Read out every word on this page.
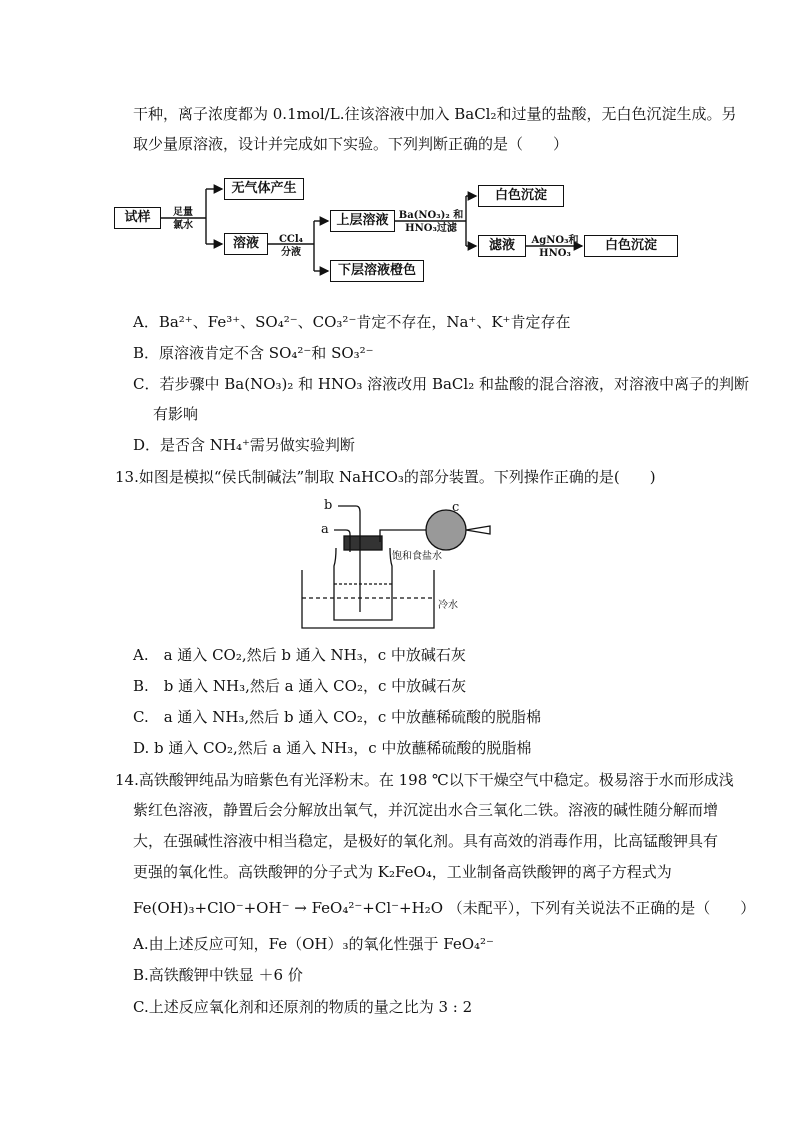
干种，离子浓度都为 0.1mol/L.往该溶液中加入 BaCl₂和过量的盐酸，无白色沉淀生成。另
取少量原溶液，设计并完成如下实验。下列判断正确的是（　　）
试样	足量
氯水
无气体产生
溶液	CCl₄
分液
上层溶液
下层溶液橙色
Ba(NO₃)₂ 和
HNO₃过滤
白色沉淀
滤液	AgNO₃和
HNO₃
白色沉淀
A．Ba²⁺、Fe³⁺、SO₄²⁻、CO₃²⁻肯定不存在，Na⁺、K⁺肯定存在
B．原溶液肯定不含 SO₄²⁻和 SO₃²⁻
C．若步骤中 Ba(NO₃)₂ 和 HNO₃ 溶液改用 BaCl₂ 和盐酸的混合溶液，对溶液中离子的判断
有影响
D．是否含 NH₄⁺需另做实验判断
13.如图是模拟“侯氏制碱法”制取 NaHCO₃的部分装置。下列操作正确的是(　　)
b
a
c
饱和食盐水
冷水
A.　a 通入 CO₂,然后 b 通入 NH₃，c 中放碱石灰
B.　b 通入 NH₃,然后 a 通入 CO₂，c 中放碱石灰
C.　a 通入 NH₃,然后 b 通入 CO₂，c 中放蘸稀硫酸的脱脂棉
D. b 通入 CO₂,然后 a 通入 NH₃，c 中放蘸稀硫酸的脱脂棉
14.高铁酸钾纯品为暗紫色有光泽粉末。在 198 ℃以下干燥空气中稳定。极易溶于水而形成浅
紫红色溶液，静置后会分解放出氧气，并沉淀出水合三氧化二铁。溶液的碱性随分解而增
大，在强碱性溶液中相当稳定，是极好的氧化剂。具有高效的消毒作用，比高锰酸钾具有
更强的氧化性。高铁酸钾的分子式为 K₂FeO₄，工业制备高铁酸钾的离子方程式为
Fe(OH)₃+ClO⁻+OH⁻ → FeO₄²⁻+Cl⁻+H₂O （未配平），下列有关说法不正确的是（　　）
A.由上述反应可知，Fe（OH）₃的氧化性强于 FeO₄²⁻
B.高铁酸钾中铁显 ＋6 价
C.上述反应氧化剂和还原剂的物质的量之比为 3 : 2
